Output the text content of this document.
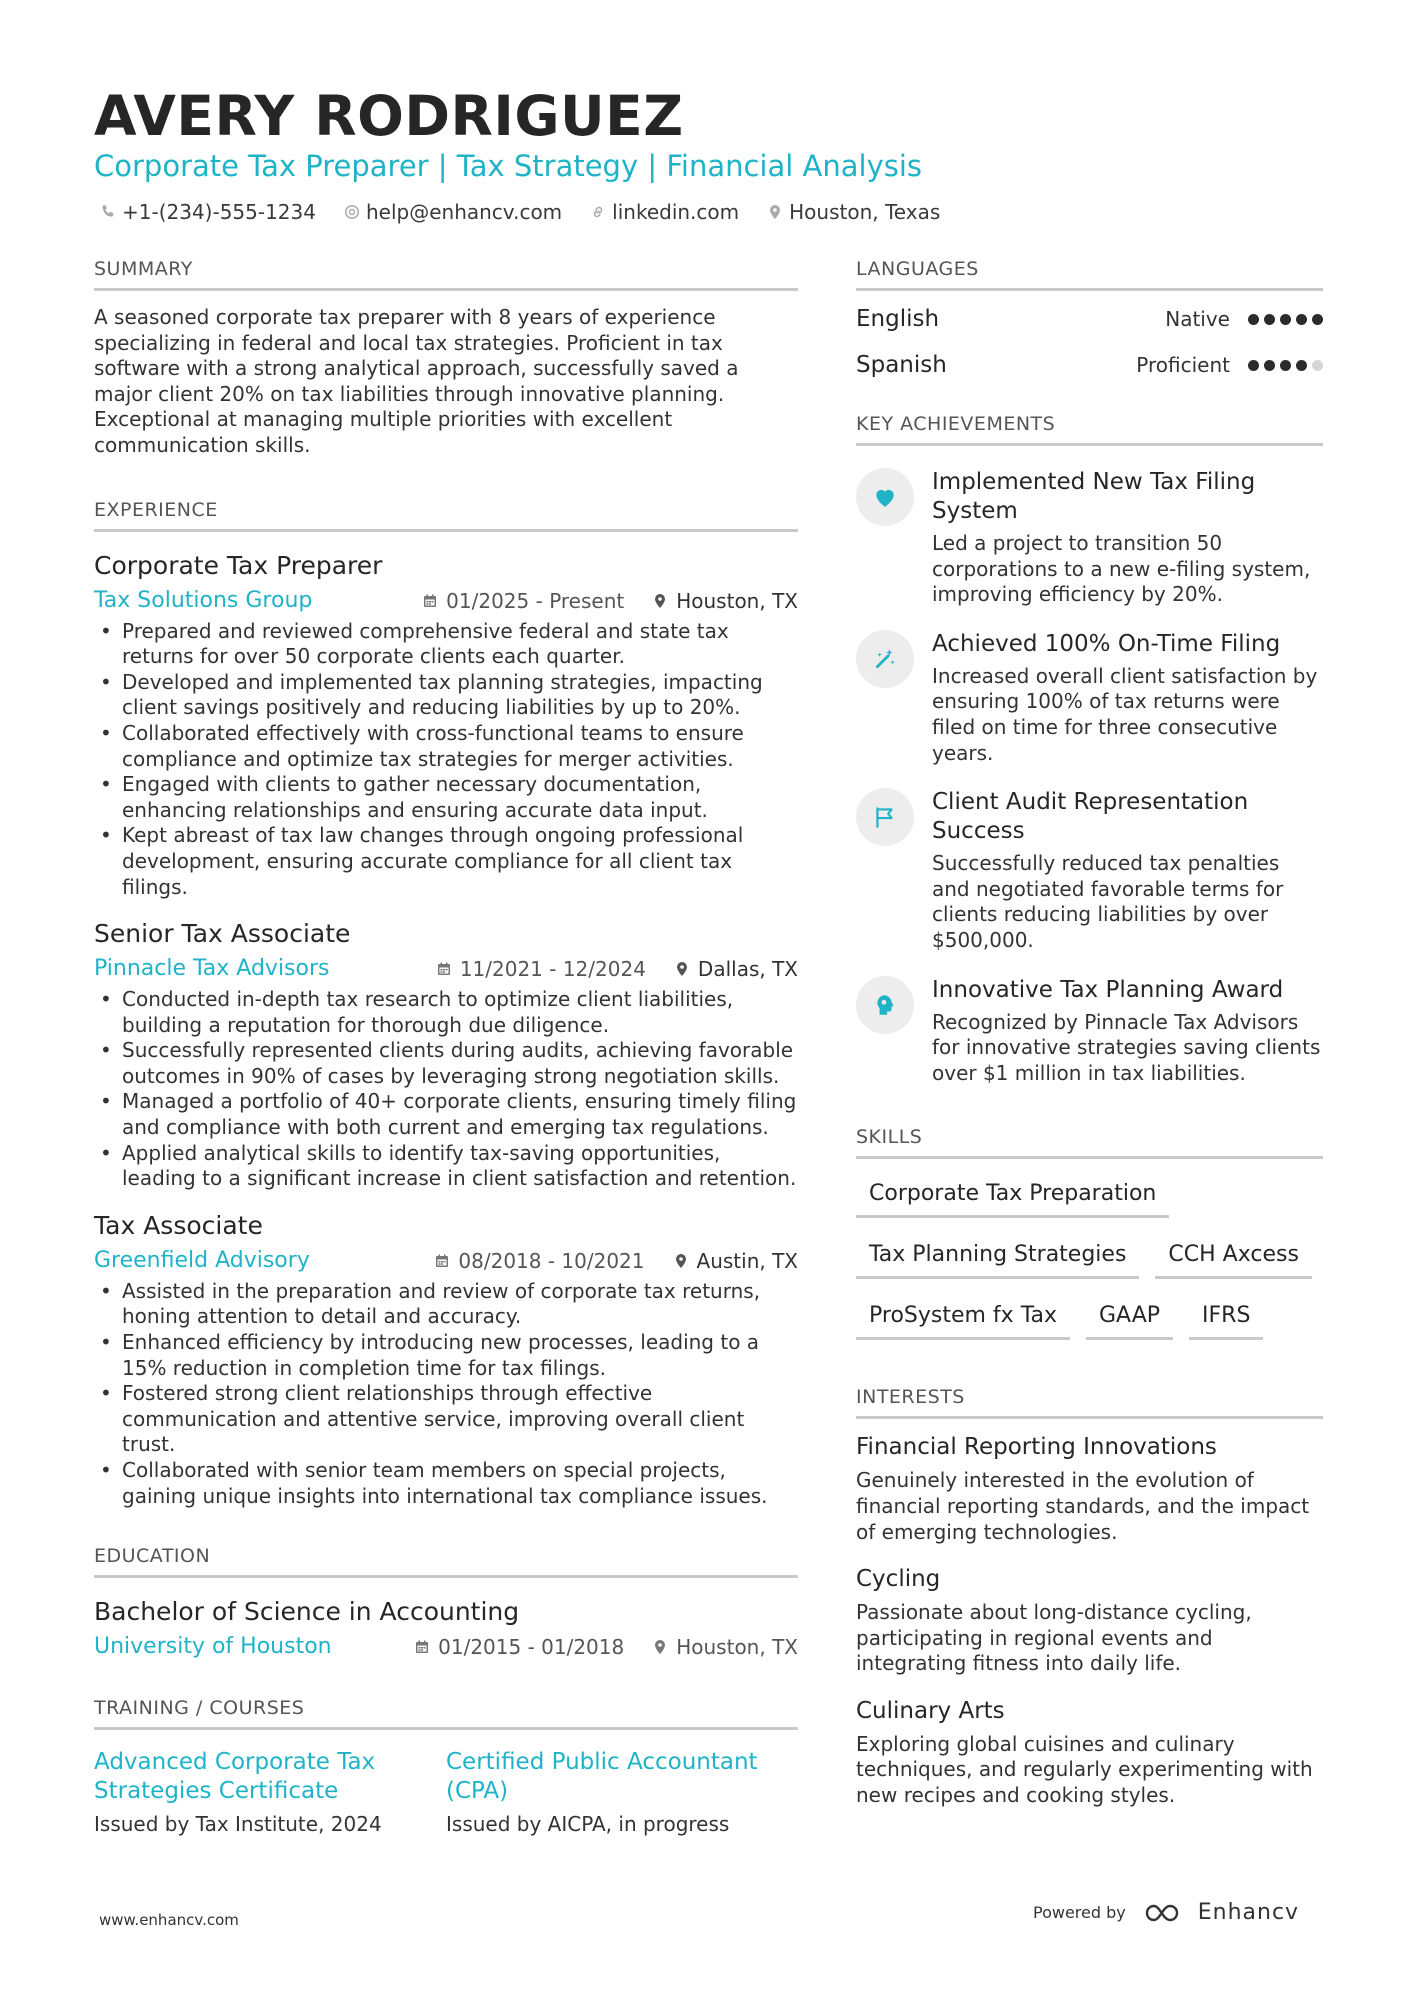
AVERY RODRIGUEZ
Corporate Tax Preparer | Tax Strategy | Financial Analysis
+1-(234)-555-1234	help@enhancv.com	linkedin.com	Houston, Texas
SUMMARY
A seasoned corporate tax preparer with 8 years of experience specializing in federal and local tax strategies. Proficient in tax software with a strong analytical approach, successfully saved a major client 20% on tax liabilities through innovative planning. Exceptional at managing multiple priorities with excellent communication skills.
EXPERIENCE
Corporate Tax Preparer
Tax Solutions Group	01/2025 - Present	Houston, TX
• Prepared and reviewed comprehensive federal and state tax returns for over 50 corporate clients each quarter.
• Developed and implemented tax planning strategies, impacting client savings positively and reducing liabilities by up to 20%.
• Collaborated effectively with cross-functional teams to ensure compliance and optimize tax strategies for merger activities.
• Engaged with clients to gather necessary documentation, enhancing relationships and ensuring accurate data input.
• Kept abreast of tax law changes through ongoing professional development, ensuring accurate compliance for all client tax filings.
Senior Tax Associate
Pinnacle Tax Advisors	11/2021 - 12/2024	Dallas, TX
• Conducted in-depth tax research to optimize client liabilities, building a reputation for thorough due diligence.
• Successfully represented clients during audits, achieving favorable outcomes in 90% of cases by leveraging strong negotiation skills.
• Managed a portfolio of 40+ corporate clients, ensuring timely filing and compliance with both current and emerging tax regulations.
• Applied analytical skills to identify tax-saving opportunities, leading to a significant increase in client satisfaction and retention.
Tax Associate
Greenfield Advisory	08/2018 - 10/2021	Austin, TX
• Assisted in the preparation and review of corporate tax returns, honing attention to detail and accuracy.
• Enhanced efficiency by introducing new processes, leading to a 15% reduction in completion time for tax filings.
• Fostered strong client relationships through effective communication and attentive service, improving overall client trust.
• Collaborated with senior team members on special projects, gaining unique insights into international tax compliance issues.
EDUCATION
Bachelor of Science in Accounting
University of Houston	01/2015 - 01/2018	Houston, TX
TRAINING / COURSES
Advanced Corporate Tax Strategies Certificate
Issued by Tax Institute, 2024
Certified Public Accountant (CPA)
Issued by AICPA, in progress
LANGUAGES
English	Native
Spanish	Proficient
KEY ACHIEVEMENTS
Implemented New Tax Filing System
Led a project to transition 50 corporations to a new e-filing system, improving efficiency by 20%.
Achieved 100% On-Time Filing
Increased overall client satisfaction by ensuring 100% of tax returns were filed on time for three consecutive years.
Client Audit Representation Success
Successfully reduced tax penalties and negotiated favorable terms for clients reducing liabilities by over $500,000.
Innovative Tax Planning Award
Recognized by Pinnacle Tax Advisors for innovative strategies saving clients over $1 million in tax liabilities.
SKILLS
Corporate Tax Preparation
Tax Planning Strategies	CCH Axcess
ProSystem fx Tax	GAAP	IFRS
INTERESTS
Financial Reporting Innovations
Genuinely interested in the evolution of financial reporting standards, and the impact of emerging technologies.
Cycling
Passionate about long-distance cycling, participating in regional events and integrating fitness into daily life.
Culinary Arts
Exploring global cuisines and culinary techniques, and regularly experimenting with new recipes and cooking styles.
www.enhancv.com	Powered by	Enhancv
